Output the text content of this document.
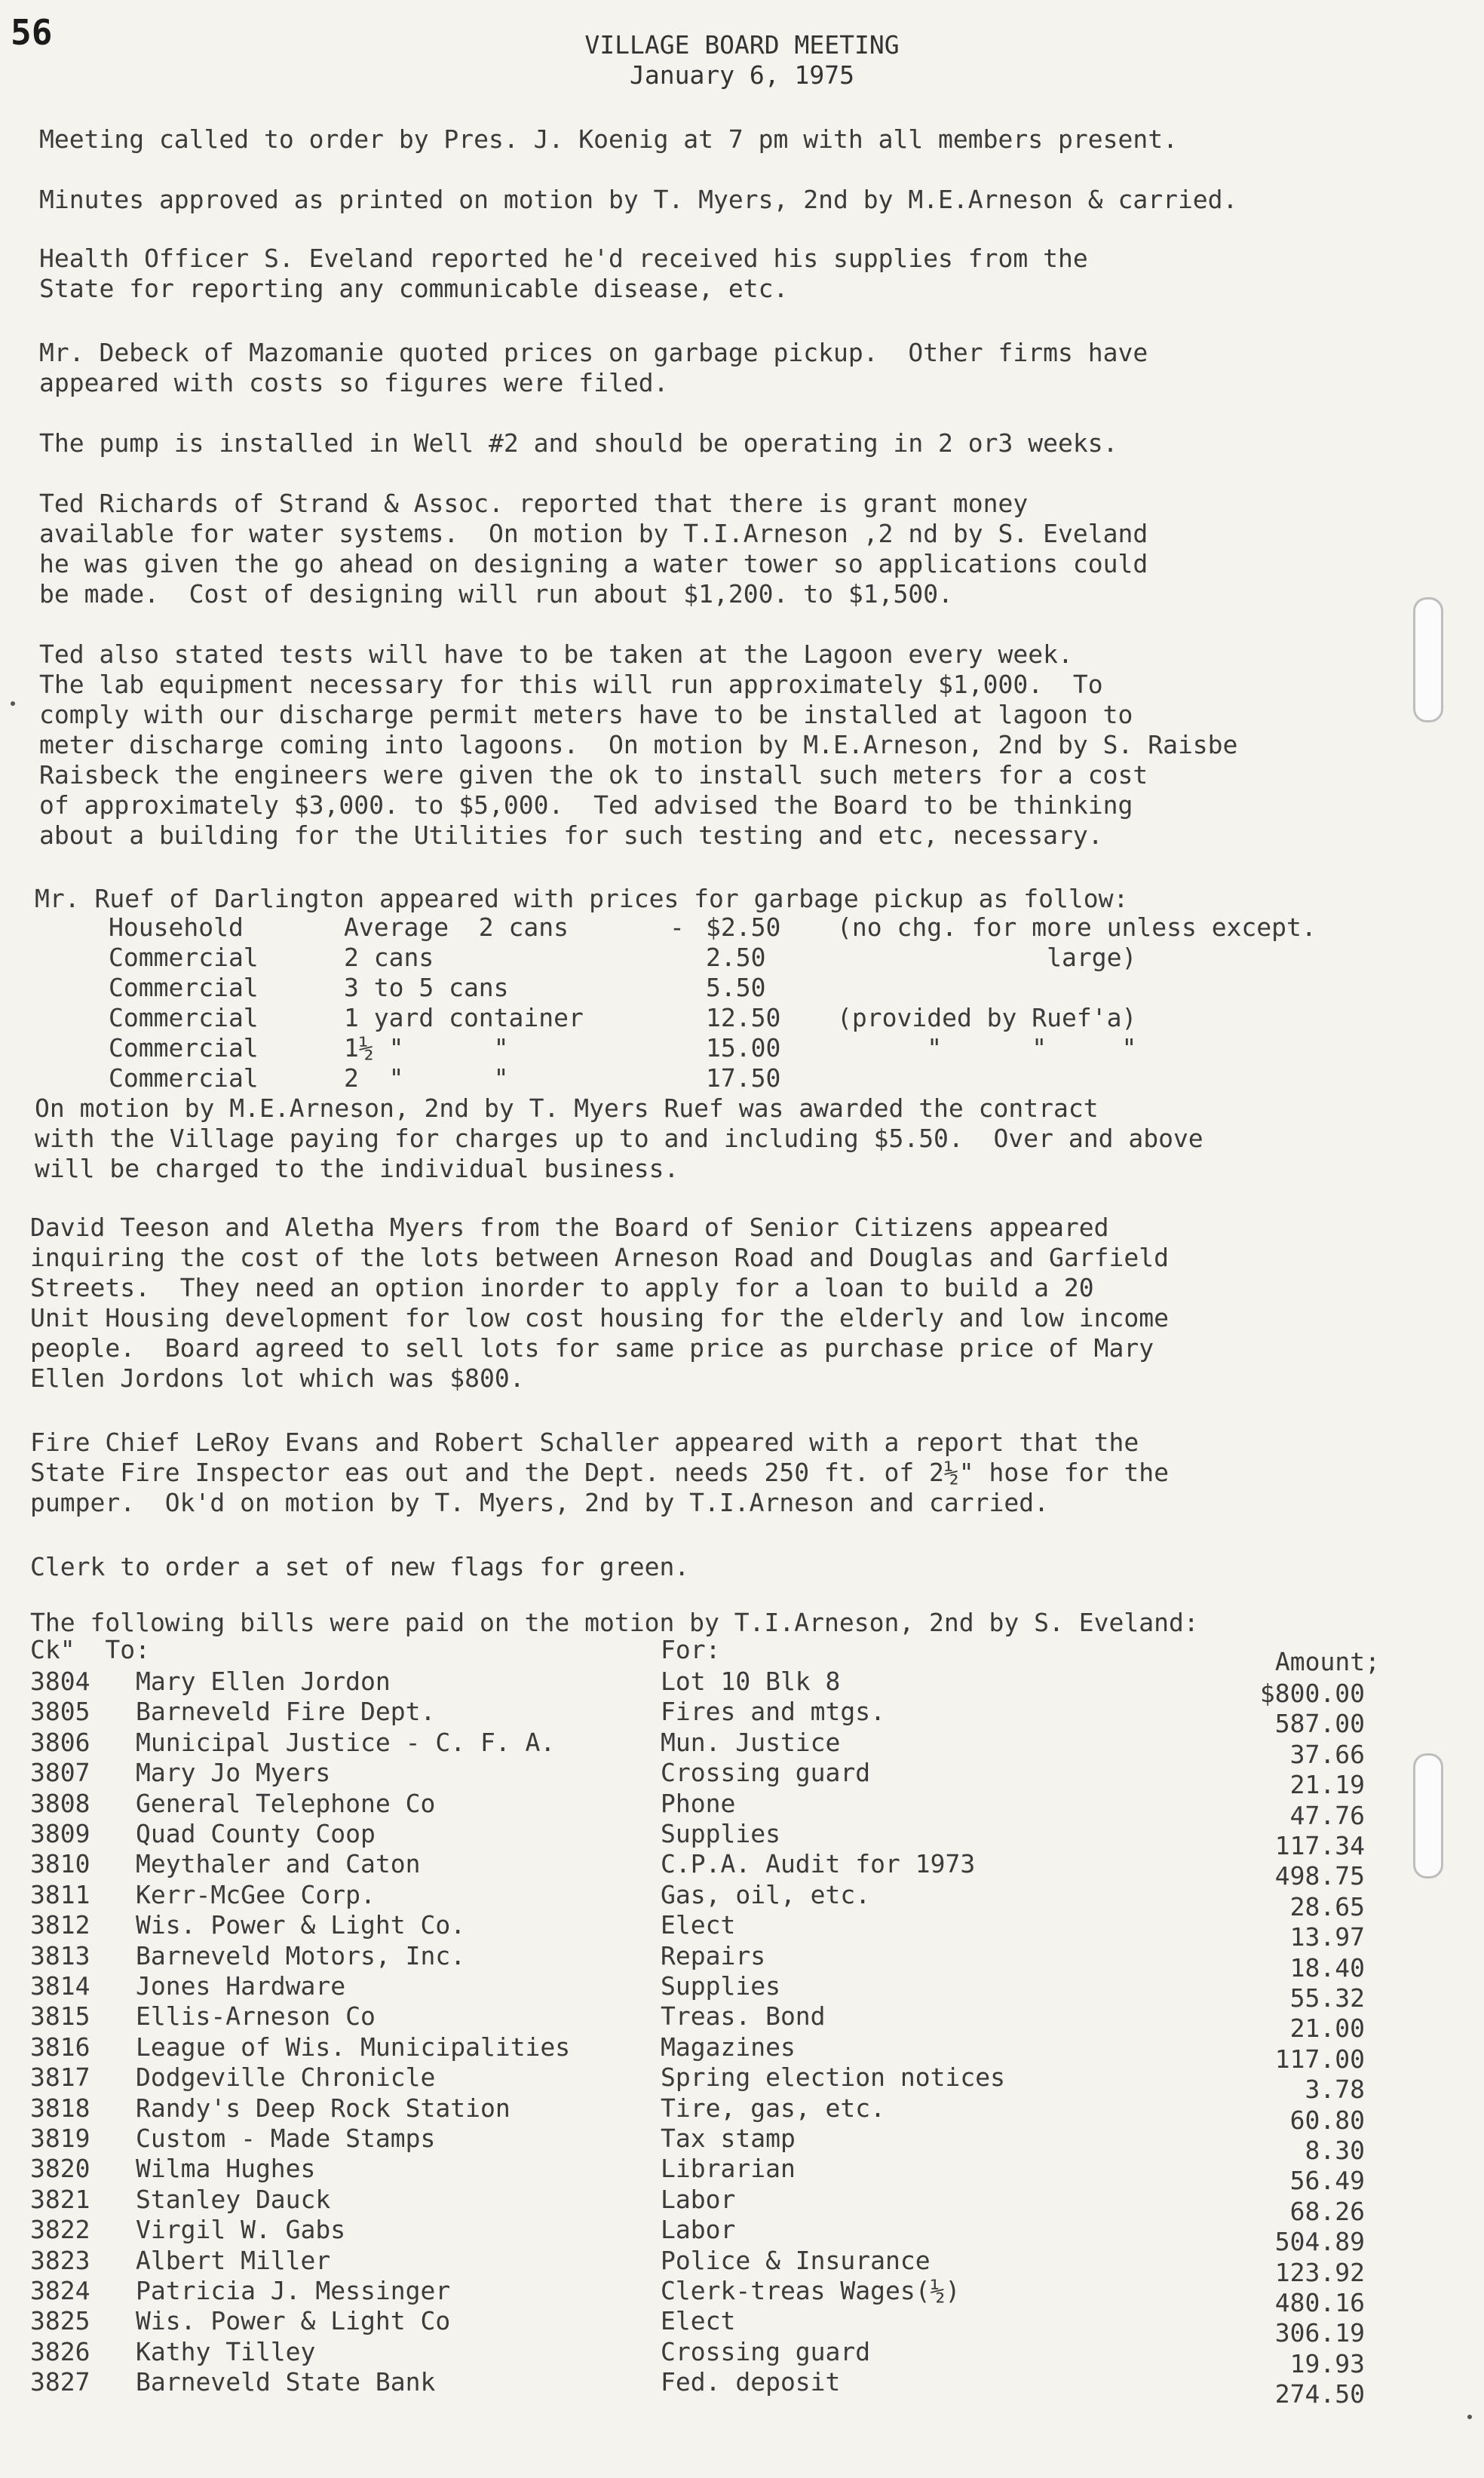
56	VILLAGE BOARD MEETING
January 6, 1975
Meeting called to order by Pres. J. Koenig at 7 pm with all members present.
Minutes approved as printed on motion by T. Myers, 2nd by M.E.Arneson & carried.
Health Officer S. Eveland reported he'd received his supplies from the
State for reporting any communicable disease, etc.
Mr. Debeck of Mazomanie quoted prices on garbage pickup.  Other firms have
appeared with costs so figures were filed.
The pump is installed in Well #2 and should be operating in 2 or3 weeks.
Ted Richards of Strand & Assoc. reported that there is grant money
available for water systems.  On motion by T.I.Arneson ,2 nd by S. Eveland
he was given the go ahead on designing a water tower so applications could
be made.  Cost of designing will run about $1,200. to $1,500.
Ted also stated tests will have to be taken at the Lagoon every week.
The lab equipment necessary for this will run approximately $1,000.  To
comply with our discharge permit meters have to be installed at lagoon to
meter discharge coming into lagoons.  On motion by M.E.Arneson, 2nd by S. Raisbe
Raisbeck the engineers were given the ok to install such meters for a cost
of approximately $3,000. to $5,000.  Ted advised the Board to be thinking
about a building for the Utilities for such testing and etc, necessary.
Mr. Ruef of Darlington appeared with prices for garbage pickup as follow:
Household	Average  2 cans	- $2.50 (no chg. for more unless except.
Commercial	2 cans	2.50	large)
Commercial	3 to 5 cans	5.50
Commercial	1 yard container	12.50 (provided by Ruef'a)
Commercial	1½ "      "	15.00 "      "     "
Commercial	2  "      "	17.50
On motion by M.E.Arneson, 2nd by T. Myers Ruef was awarded the contract
with the Village paying for charges up to and including $5.50.  Over and above
will be charged to the individual business.
David Teeson and Aletha Myers from the Board of Senior Citizens appeared
inquiring the cost of the lots between Arneson Road and Douglas and Garfield
Streets.  They need an option inorder to apply for a loan to build a 20
Unit Housing development for low cost housing for the elderly and low income
people.  Board agreed to sell lots for same price as purchase price of Mary
Ellen Jordons lot which was $800.
Fire Chief LeRoy Evans and Robert Schaller appeared with a report that the
State Fire Inspector eas out and the Dept. needs 250 ft. of 2½" hose for the
pumper.  Ok'd on motion by T. Myers, 2nd by T.I.Arneson and carried.
Clerk to order a set of new flags for green.
The following bills were paid on the motion by T.I.Arneson, 2nd by S. Eveland:
Ck"  To:	For:	Amount;
3804 Mary Ellen Jordon	Lot 10 Blk 8	$800.00
3805 Barneveld Fire Dept.	Fires and mtgs.	587.00
3806 Municipal Justice - C. F. A.	Mun. Justice	37.66
3807 Mary Jo Myers	Crossing guard	21.19
3808 General Telephone Co	Phone	47.76
3809 Quad County Coop	Supplies	117.34
3810 Meythaler and Caton	C.P.A. Audit for 1973	498.75
3811 Kerr-McGee Corp.	Gas, oil, etc.	28.65
3812 Wis. Power & Light Co.	Elect	13.97
3813 Barneveld Motors, Inc.	Repairs	18.40
3814 Jones Hardware	Supplies	55.32
3815 Ellis-Arneson Co	Treas. Bond	21.00
3816 League of Wis. Municipalities	Magazines	117.00
3817 Dodgeville Chronicle	Spring election notices	3.78
3818 Randy's Deep Rock Station	Tire, gas, etc.	60.80
3819 Custom - Made Stamps	Tax stamp	8.30
3820 Wilma Hughes	Librarian	56.49
3821 Stanley Dauck	Labor	68.26
3822 Virgil W. Gabs	Labor	504.89
3823 Albert Miller	Police & Insurance	123.92
3824 Patricia J. Messinger	Clerk-treas Wages(½)	480.16
3825 Wis. Power & Light Co	Elect	306.19
3826 Kathy Tilley	Crossing guard	19.93
3827 Barneveld State Bank	Fed. deposit	274.50
